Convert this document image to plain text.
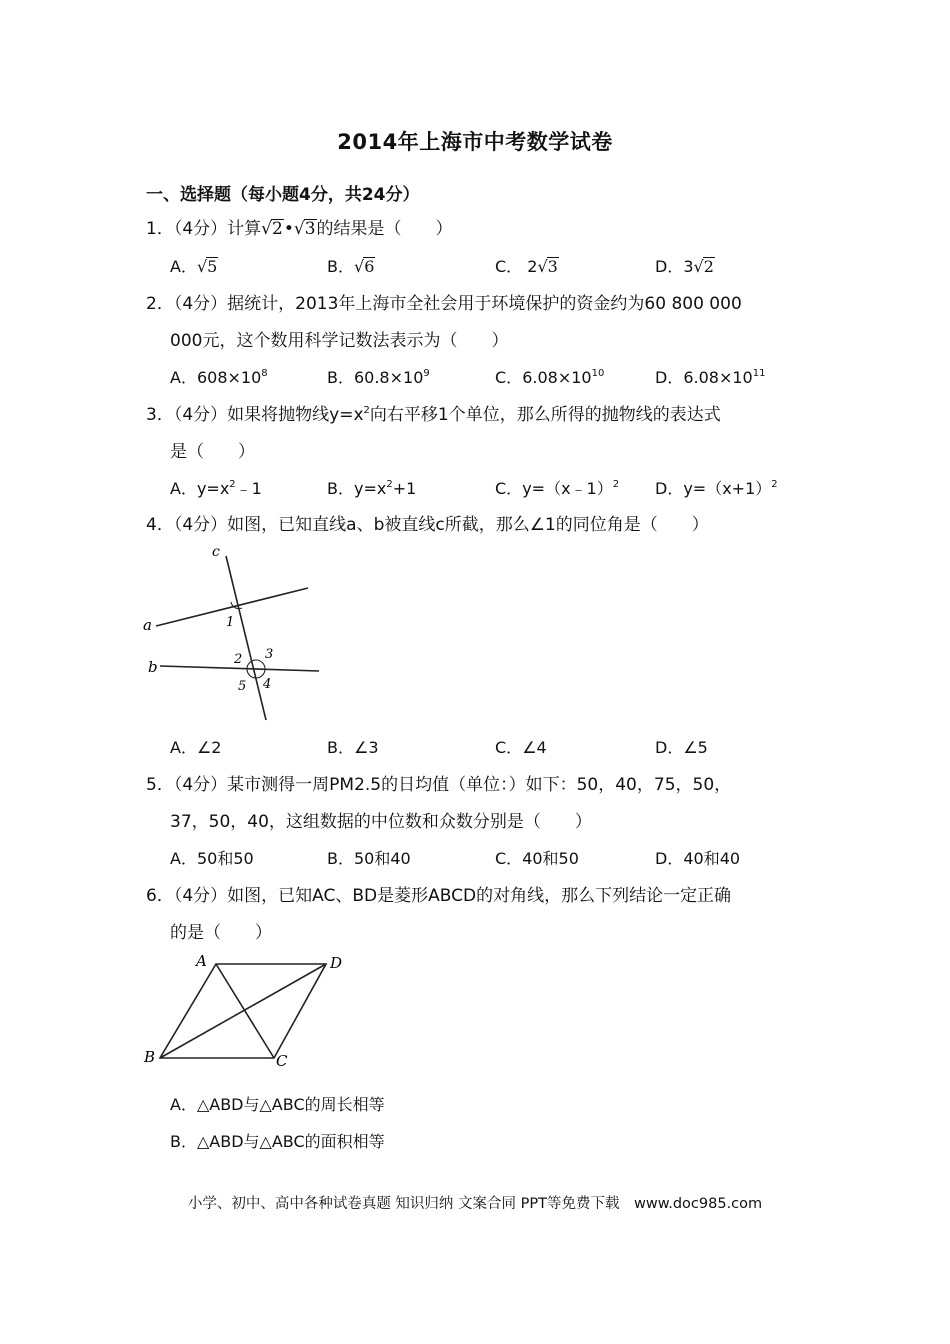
2014年上海市中考数学试卷
一、选择题（每小题4分，共24分）
1．（4分）计算√2•√3的结果是（　　）
A．√5	B．√6	C． 2√3	D．3√2
2．（4分）据统计，2013年上海市全社会用于环境保护的资金约为60 800 000
000元，这个数用科学记数法表示为（　　）
A．$608\times 10^8$	B．$60.8\times 10^9$	C．$6.08\times 10^{10}$	D．$6.08\times 10^{11}$
3．（4分）如果将抛物线$y=x^2$向右平移1个单位，那么所得的抛物线的表达式
是（　　）
A．$y=x^2﹣1$	B．$y=x^2+1$	C．y=（x﹣1）$^2$ D．$y=(x+1)^2$
4．（4分）如图，已知直线a、b被直线c所截，那么∠1的同位角是（　　）
c
a
b
1
2 3
4
5
A．∠2	B．∠3	C．∠4	D．∠5
5．（4分）某市测得一周PM2.5的日均值（单位：）如下：50，40，75，50，
37，50，40，这组数据的中位数和众数分别是（　　）
A．50和50	B．50和40	C．40和50	D．40和40
6．（4分）如图，已知AC、BD是菱形ABCD的对角线，那么下列结论一定正确
的是（　　）
A	D
B	C
A．△ABD与△ABC的周长相等
B．△ABD与△ABC的面积相等
小学、初中、高中各种试卷真题 知识归纳 文案合同 PPT等免费下载　www.doc985.com
